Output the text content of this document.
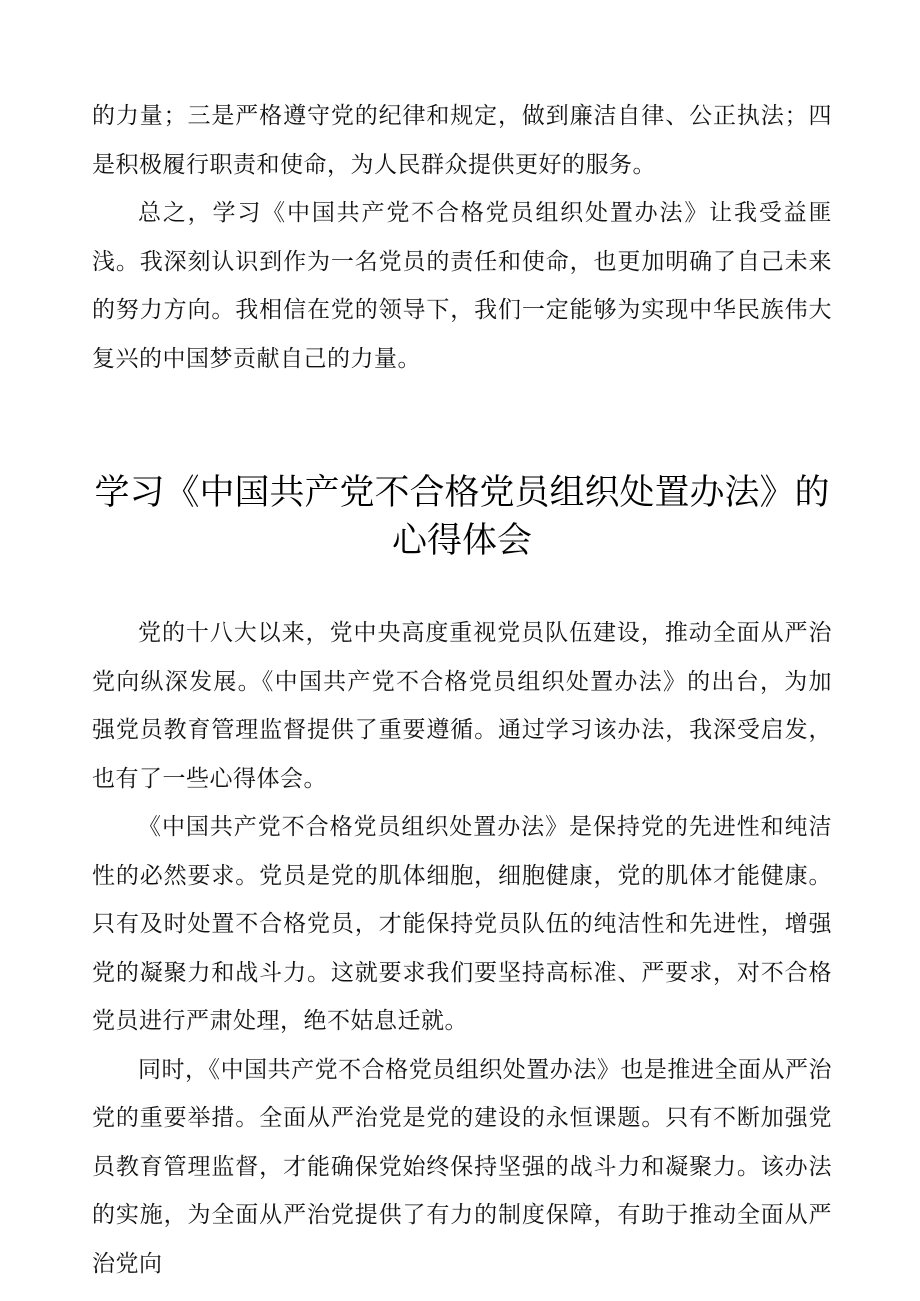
的力量；三是严格遵守党的纪律和规定，做到廉洁自律、公正执法；四是积极履行职责和使命，为人民群众提供更好的服务。

总之，学习《中国共产党不合格党员组织处置办法》让我受益匪浅。我深刻认识到作为一名党员的责任和使命，也更加明确了自己未来的努力方向。我相信在党的领导下，我们一定能够为实现中华民族伟大复兴的中国梦贡献自己的力量。

学习《中国共产党不合格党员组织处置办法》的
心得体会

党的十八大以来，党中央高度重视党员队伍建设，推动全面从严治党向纵深发展。《中国共产党不合格党员组织处置办法》的出台，为加强党员教育管理监督提供了重要遵循。通过学习该办法，我深受启发，也有了一些心得体会。

《中国共产党不合格党员组织处置办法》是保持党的先进性和纯洁性的必然要求。党员是党的肌体细胞，细胞健康，党的肌体才能健康。只有及时处置不合格党员，才能保持党员队伍的纯洁性和先进性，增强党的凝聚力和战斗力。这就要求我们要坚持高标准、严要求，对不合格党员进行严肃处理，绝不姑息迁就。

同时，《中国共产党不合格党员组织处置办法》也是推进全面从严治党的重要举措。全面从严治党是党的建设的永恒课题。只有不断加强党员教育管理监督，才能确保党始终保持坚强的战斗力和凝聚力。该办法的实施，为全面从严治党提供了有力的制度保障，有助于推动全面从严治党向
